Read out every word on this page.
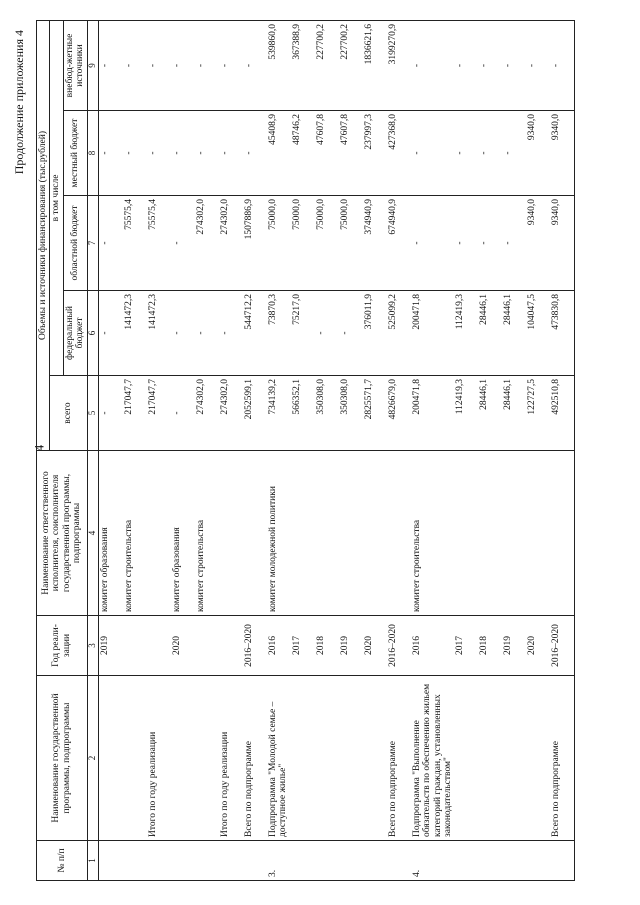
4
Продолжение приложения 4
№ п/п	Наименование государственной программы, подпрограммы	Год реали-зации	Наименование ответственного исполнителя, соисполнителя государственной программы, подпрограммы	Объемы и источники финансирования (тыс.рублей)				
				всего	в том числе			
					федеральный бюджет	областной бюджет	местный бюджет	внебюд-жетные источники
1	2	3	4	5	6	7	8	9
		2019	комитет образования	-	-	-	-	-
			комитет строительства	217047,7	141472,3	75575,4	-	-
	Итого по году реализации			217047,7	141472,3	75575,4	-	-
		2020	комитет образования	-	-	-	-	-
			комитет строительства	274302,0	-	274302,0	-	-
	Итого по году реализации			274302,0	-	274302,0	-	-
	Всего по подпрограмме	2016–2020		2052599,1	544712,2	1507886,9	-	-
3.	Подпрограмма "Молодой семье – доступное жилье"	2016	комитет молодежной политики	734139,2	73870,3	75000,0	45408,9	539860,0
		2017		566352,1	75217,0	75000,0	48746,2	367388,9
		2018		350308,0	-	75000,0	47607,8	227700,2
		2019		350308,0	-	75000,0	47607,8	227700,2
		2020		2825571,7	376011,9	374940,9	237997,3	1836621,6
	Всего по подпрограмме	2016–2020		4826679,0	525099,2	674940,9	427368,0	3199270,9
4.	Подпрограмма "Выполнение обязательств по обеспечению жильем категорий граждан, установленных законодательством"	2016	комитет строительства	200471,8	200471,8	-	-	-
		2017		112419,3	112419,3	-	-	-
		2018		28446,1	28446,1	-	-	-
		2019		28446,1	28446,1	-	-	-
		2020		122727,5	104047,5	9340,0	9340,0	-
	Всего по подпрограмме	2016–2020		492510,8	473830,8	9340,0	9340,0	-
